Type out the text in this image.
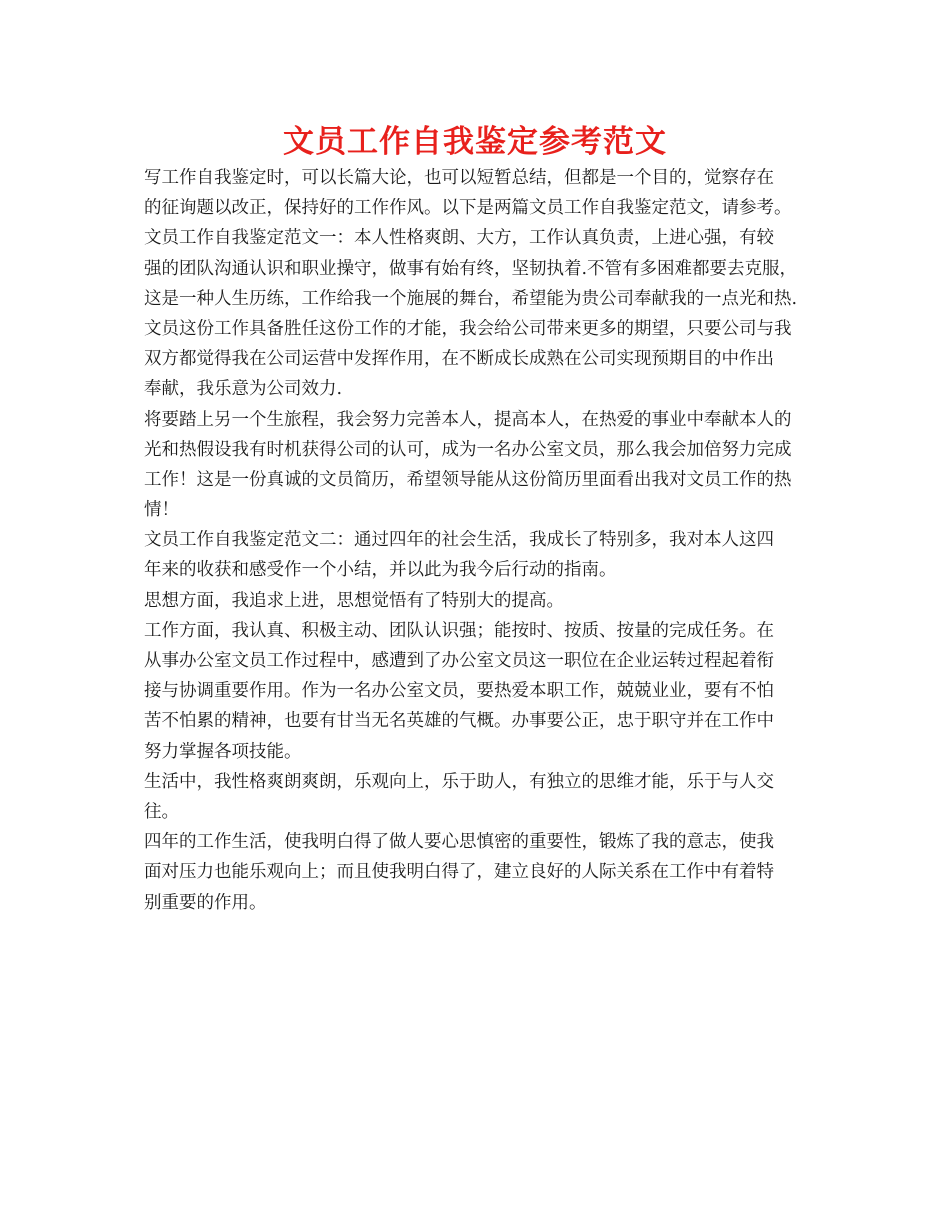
文员工作自我鉴定参考范文
写工作自我鉴定时，可以长篇大论，也可以短暂总结，但都是一个目的，觉察存在
的征询题以改正，保持好的工作作风。以下是两篇文员工作自我鉴定范文，请参考。
文员工作自我鉴定范文一：本人性格爽朗、大方，工作认真负责，上进心强，有较
强的团队沟通认识和职业操守，做事有始有终，坚韧执着.不管有多困难都要去克服，
这是一种人生历练，工作给我一个施展的舞台，希望能为贵公司奉献我的一点光和热.
文员这份工作具备胜任这份工作的才能，我会给公司带来更多的期望，只要公司与我
双方都觉得我在公司运营中发挥作用，在不断成长成熟在公司实现预期目的中作出
奉献，我乐意为公司效力.
将要踏上另一个生旅程，我会努力完善本人，提高本人，在热爱的事业中奉献本人的
光和热假设我有时机获得公司的认可，成为一名办公室文员，那么我会加倍努力完成
工作！这是一份真诚的文员简历，希望领导能从这份简历里面看出我对文员工作的热
情！
文员工作自我鉴定范文二：通过四年的社会生活，我成长了特别多，我对本人这四
年来的收获和感受作一个小结，并以此为我今后行动的指南。
思想方面，我追求上进，思想觉悟有了特别大的提高。
工作方面，我认真、积极主动、团队认识强；能按时、按质、按量的完成任务。在
从事办公室文员工作过程中，感遭到了办公室文员这一职位在企业运转过程起着衔
接与协调重要作用。作为一名办公室文员，要热爱本职工作，兢兢业业，要有不怕
苦不怕累的精神，也要有甘当无名英雄的气概。办事要公正，忠于职守并在工作中
努力掌握各项技能。
生活中，我性格爽朗爽朗，乐观向上，乐于助人，有独立的思维才能，乐于与人交
往。
四年的工作生活，使我明白得了做人要心思慎密的重要性，锻炼了我的意志，使我
面对压力也能乐观向上；而且使我明白得了，建立良好的人际关系在工作中有着特
别重要的作用。
